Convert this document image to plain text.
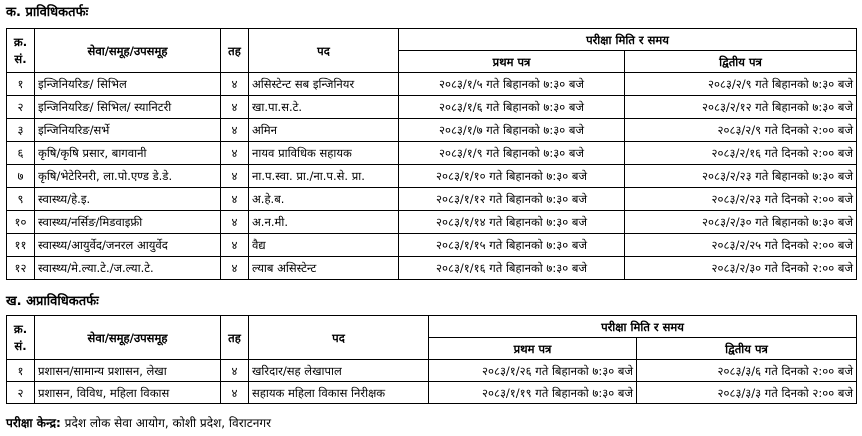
क. प्राविधिकतर्फः
क्र. सं.	सेवा/समूह/उपसमूह	तह	पद	परीक्षा मिति र समय	
				प्रथम पत्र	द्वितीय पत्र
१	इन्जिनियरिङ/ सिभिल	४	असिस्टेन्ट सब इन्जिनियर	२०८३/१/५ गते बिहानको ७:३० बजे	२०८३/२/९ गते बिहानको ७:३० बजे
२	इन्जिनियरिङ/ सिभिल/ स्यानिटरी	४	खा.पा.स.टे.	२०८३/१/६ गते बिहानको ७:३० बजे	२०८३/२/१२ गते बिहानको ७:३० बजे
३	इन्जिनियरिङ/सर्भे	४	अमिन	२०८३/१/७ गते बिहानको ७:३० बजे	२०८३/२/९ गते दिनको २:०० बजे
६	कृषि/कृषि प्रसार, बागवानी	४	नायव प्राविधिक सहायक	२०८३/१/९ गते बिहानको ७:३० बजे	२०८३/२/१६ गते दिनको २:०० बजे
७	कृषि/भेटेरिनरी, ला.पो.एण्ड डे.डे.	४	ना.प.स्वा. प्रा./ना.प.से. प्रा.	२०८३/१/१० गते बिहानको ७:३० बजे	२०८३/२/२३ गते बिहानको ७:३० बजे
९	स्वास्थ्य/हे.इ.	४	अ.हे.ब.	२०८३/१/१२ गते बिहानको ७:३० बजे	२०८३/२/२३ गते दिनको २:०० बजे
१०	स्वास्थ्य/नर्सिङ/मिडवाइफ्री	४	अ.न.मी.	२०८३/१/१४ गते बिहानको ७:३० बजे	२०८३/२/३० गते बिहानको ७:३० बजे
११	स्वास्थ्य/आयुर्वेद/जनरल आयुर्वेद	४	वैद्य	२०८३/१/१५ गते बिहानको ७:३० बजे	२०८३/२/२५ गते दिनको २:०० बजे
१२	स्वास्थ्य/मे.ल्या.टे./ज.ल्या.टे.	४	ल्याब असिस्टेन्ट	२०८३/१/१६ गते बिहानको ७:३० बजे	२०८३/२/३० गते दिनको २:०० बजे
ख. अप्राविधिकतर्फः
क्र. सं.	सेवा/समूह/उपसमूह	तह	पद	परीक्षा मिति र समय	
				प्रथम पत्र	द्वितीय पत्र
१	प्रशासन/सामान्य प्रशासन, लेखा	४	खरिदार/सह लेखापाल	२०८३/१/२६ गते बिहानको ७:३० बजे	२०८३/३/६ गते दिनको २:०० बजे
२	प्रशासन, विविध, महिला विकास	४	सहायक महिला विकास निरीक्षक	२०८३/१/१९ गते बिहानको ७:३० बजे	२०८३/३/३ गते दिनको २:०० बजे
परीक्षा केन्द्र: प्रदेश लोक सेवा आयोग, कोशी प्रदेश, विराटनगर
